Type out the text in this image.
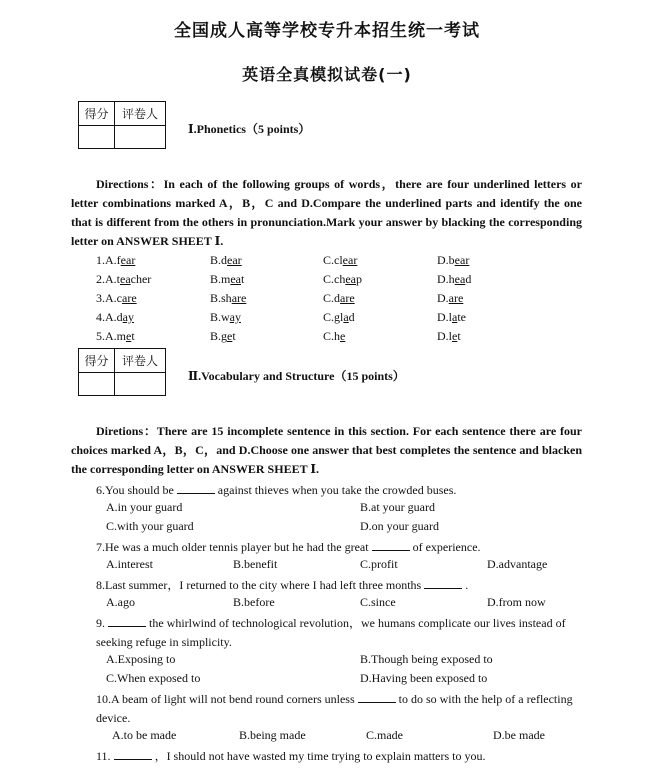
全国成人高等学校专升本招生统一考试
英语全真模拟试卷(一)
得分	评卷人

Ⅰ.Phonetics（5 points）

Directions：In each of the following groups of words，there are four underlined letters or letter combinations marked A，B，C and D.Compare the underlined parts and identify the one that is different from the others in pronunciation.Mark your answer by blacking the corresponding letter on ANSWER SHEET Ⅰ.

1.A.fear	B.dear	C.clear	D.bear
2.A.teacher	B.meat	C.cheap	D.head
3.A.care	B.share	C.dare	D.are
4.A.day	B.way	C.glad	D.late
5.A.met	B.get	C.he	D.let
得分	评卷人

Ⅱ.Vocabulary and Structure（15 points）

Diretions：There are 15 incomplete sentence in this section. For each sentence there are four choices marked A，B，C，and D.Choose one answer that best completes the sentence and blacken the corresponding letter on ANSWER SHEET Ⅰ.

6.You should be	against thieves when you take the crowded buses.
A.in your guard	B.at your guard
C.with your guard	D.on your guard
7.He was a much older tennis player but he had the great	of experience.
A.interest	B.benefit	C.profit	D.advantage
8.Last summer，I returned to the city where I had left three months	.
A.ago	B.before	C.since	D.from now
9.	the whirlwind of technological revolution，we humans complicate our lives instead of seeking refuge in simplicity.
A.Exposing to	B.Though being exposed to
C.When exposed to	D.Having been exposed to
10.A beam of light will not bend round corners unless	to do so with the help of a reflecting device.
A.to be made	B.being made	C.made	D.be made
11.	，I should not have wasted my time trying to explain matters to you.
